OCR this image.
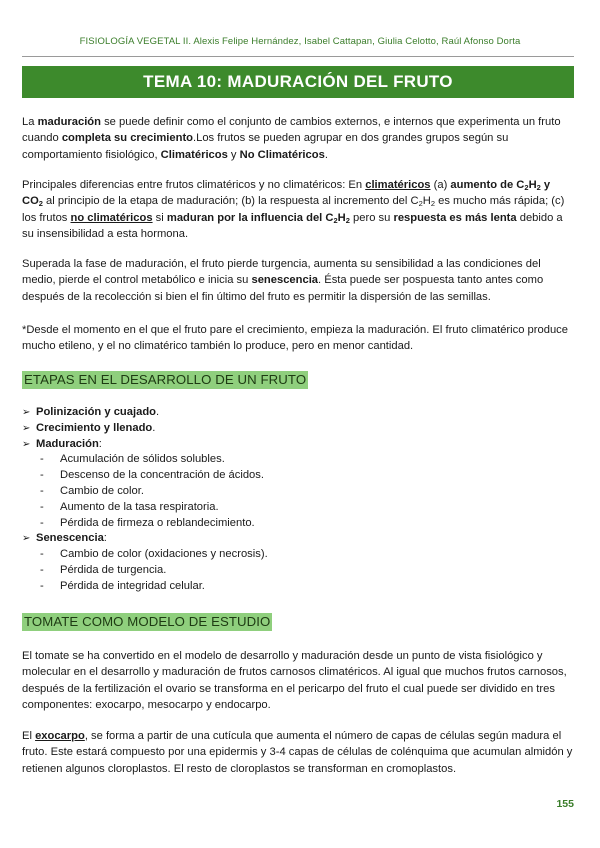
FISIOLOGÍA VEGETAL II. Alexis Felipe Hernández, Isabel Cattapan, Giulia Celotto, Raúl Afonso Dorta
TEMA 10: MADURACIÓN DEL FRUTO

La maduración se puede definir como el conjunto de cambios externos, e internos que experimenta un fruto cuando completa su crecimiento.Los frutos se pueden agrupar en dos grandes grupos según su comportamiento fisiológico, Climatéricos y No Climatéricos.

Principales diferencias entre frutos climatéricos y no climatéricos: En climatéricos (a) aumento de $C_2H_2$ y $CO_2$ al principio de la etapa de maduración; (b) la respuesta al incremento del $C_2H_2$ es mucho más rápida; (c) los frutos no climatéricos si maduran por la influencia del $C_2H_2$ pero su respuesta es más lenta debido a su insensibilidad a esta hormona.

Superada la fase de maduración, el fruto pierde turgencia, aumenta su sensibilidad a las condiciones del medio, pierde el control metabólico e inicia su senescencia. Ésta puede ser pospuesta tanto antes como después de la recolección si bien el fin último del fruto es permitir la dispersión de las semillas.

*Desde el momento en el que el fruto pare el crecimiento, empieza la maduración. El fruto climatérico produce mucho etileno, y el no climatérico también lo produce, pero en menor cantidad.

ETAPAS EN EL DESARROLLO DE UN FRUTO
➢ Polinización y cuajado .
➢ Crecimiento y llenado .
➢ Maduración :
-	Acumulación de sólidos solubles.
-	Descenso de la concentración de ácidos.
-	Cambio de color.
-	Aumento de la tasa respiratoria.
-	Pérdida de firmeza o reblandecimiento.
➢ Senescencia :
-	Cambio de color (oxidaciones y necrosis).
-	Pérdida de turgencia.
-	Pérdida de integridad celular.
TOMATE COMO MODELO DE ESTUDIO

El tomate se ha convertido en el modelo de desarrollo y maduración desde un punto de vista fisiológico y molecular en el desarrollo y maduración de frutos carnosos climatéricos. Al igual que muchos frutos carnosos, después de la fertilización el ovario se transforma en el pericarpo del fruto el cual puede ser dividido en tres componentes: exocarpo, mesocarpo y endocarpo.

El exocarpo, se forma a partir de una cutícula que aumenta el número de capas de células según madura el fruto. Este estará compuesto por una epidermis y 3-4 capas de células de colénquima que acumulan almidón y retienen algunos cloroplastos. El resto de cloroplastos se transforman en cromoplastos.

155
